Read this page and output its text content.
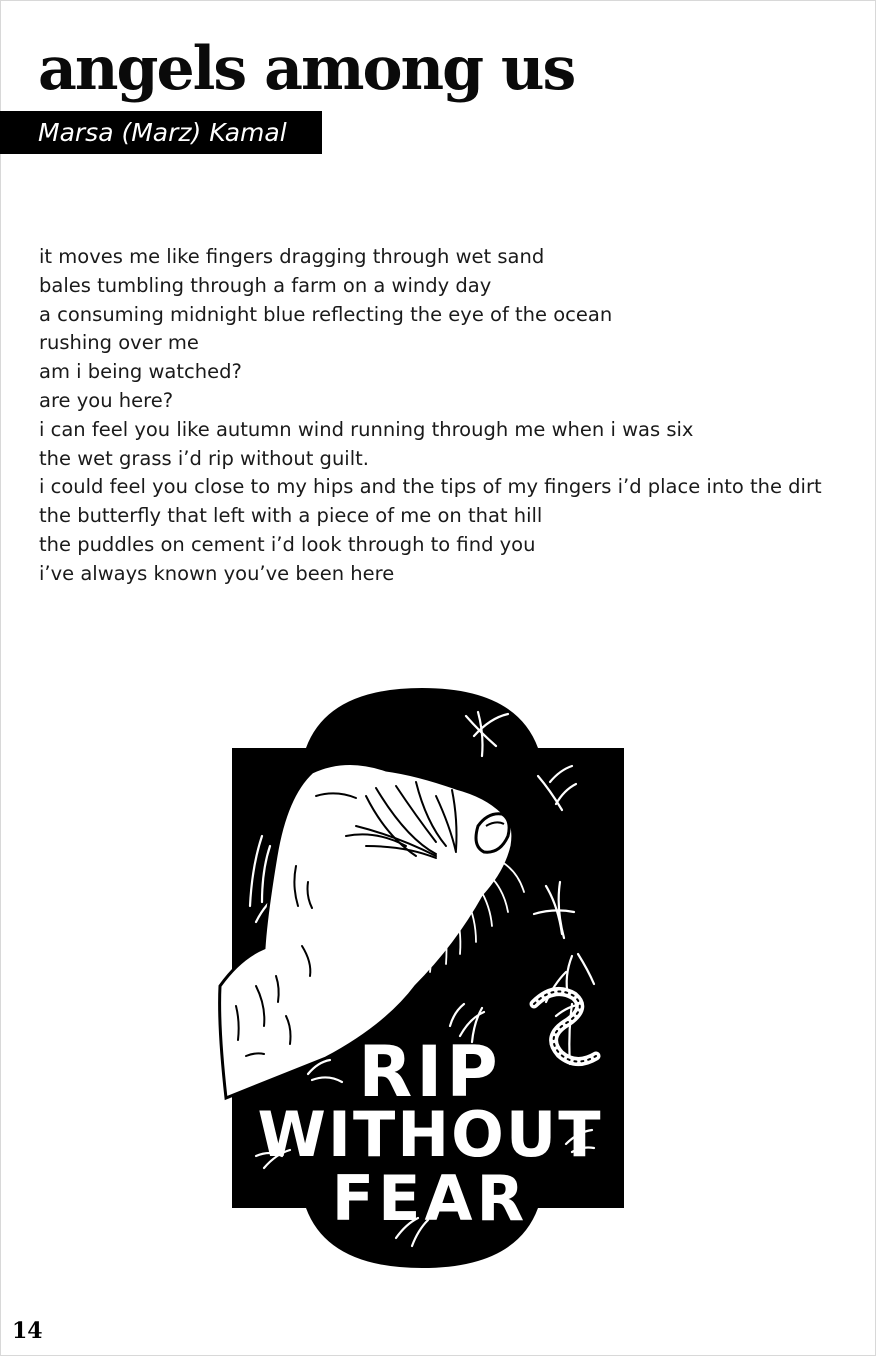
angels among us
Marsa (Marz) Kamal
it moves me like fingers dragging through wet sand
bales tumbling through a farm on a windy day
a consuming midnight blue reflecting the eye of the ocean
rushing over me
am i being watched?
are you here?
i can feel you like autumn wind running through me when i was six
the wet grass i’d rip without guilt.
i could feel you close to my hips and the tips of my fingers i’d place into the dirt
the butterfly that left with a piece of me on that hill
the puddles on cement i’d look through to find you
i’ve always known you’ve been here
RIP
WITHOUT
FEAR
14
